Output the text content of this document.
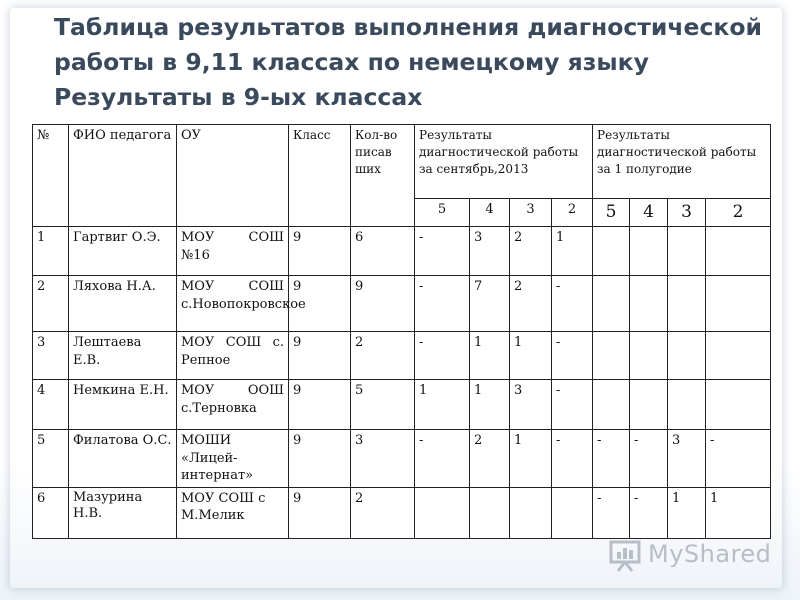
Таблица результатов выполнения диагностической
работы в 9,11 классах по немецкому языку
Результаты в 9-ых классах
№	ФИО педагога	ОУ	Класс	Кол-во писав ших	Результаты диагностической работы за сентябрь,2013				Результаты диагностической работы за 1 полугодие			
					5	4	3	2	5	4	3	2
1	Гартвиг О.Э.	МОУ СОШ №16	9	6	-	3	2	1				
2	Ляхова Н.А.	МОУ СОШ с.Новопокровское	9	9	-	7	2	-				
3	Лештаева Е.В.	МОУ СОШ с. Репное	9	2	-	1	1	-				
4	Немкина Е.Н.	МОУ ООШ с.Терновка	9	5	1	1	3	-				
5	Филатова О.С.	МОШИ «Лицей-интернат»	9	3	-	2	1	-	-	-	3	-
6	Мазурина Н.В.	МОУ СОШ с М.Мелик	9	2					-	-	1	1
MyShared
